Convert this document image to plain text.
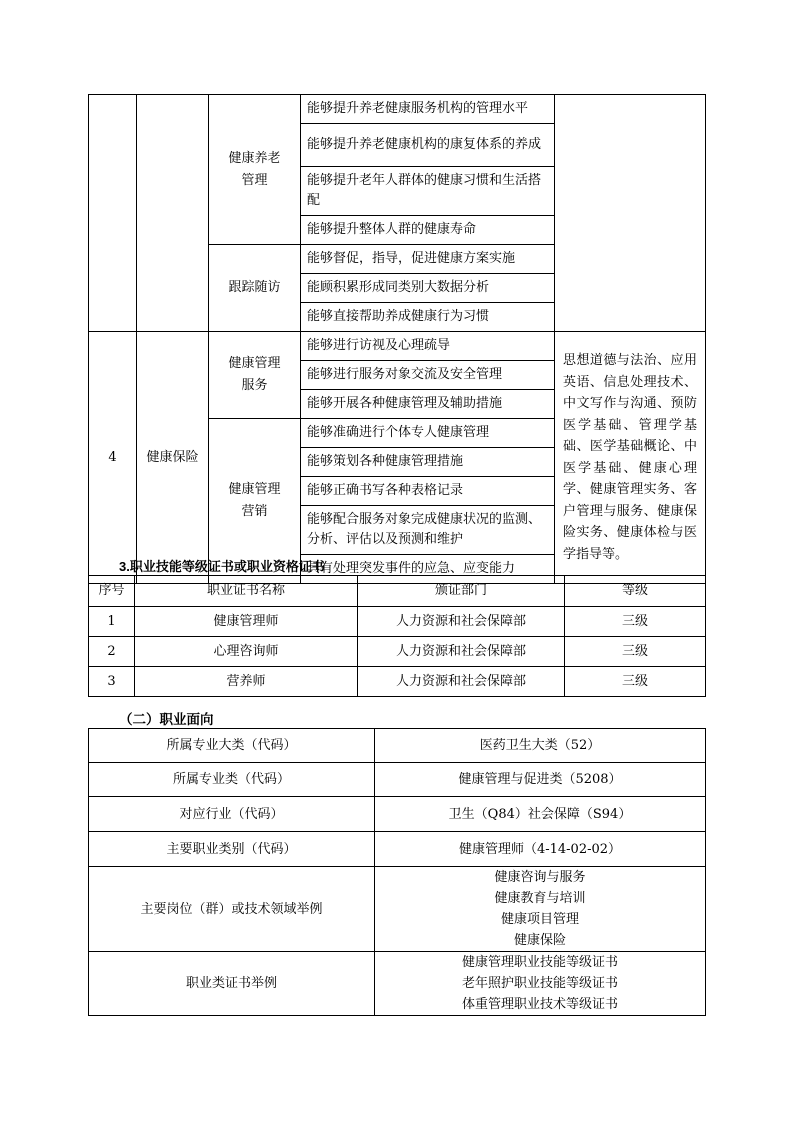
		健康养老管理	能够提升养老健康服务机构的管理水平	
			能够提升养老健康机构的康复体系的养成	
			能够提升老年人群体的健康习惯和生活搭配	
			能够提升整体人群的健康寿命	
		跟踪随访	能够督促，指导，促进健康方案实施	
			能顾积累形成同类别大数据分析	
			能够直接帮助养成健康行为习惯	
4	健康保险	健康管理服务	能够进行访视及心理疏导	思想道德与法治、应用英语、信息处理技术、中文写作与沟通、预防医学基础、管理学基础、医学基础概论、中医学基础、健康心理学、健康管理实务、客户管理与服务、健康保险实务、健康体检与医学指导等。
			能够进行服务对象交流及安全管理	
			能够开展各种健康管理及辅助措施	
		健康管理营销	能够准确进行个体专人健康管理	
			能够策划各种健康管理措施	
			能够正确书写各种表格记录	
			能够配合服务对象完成健康状况的监测、分析、评估以及预测和维护	
			具有处理突发事件的应急、应变能力	
3.职业技能等级证书或职业资格证书
序号	职业证书名称	颁证部门	等级
1	健康管理师	人力资源和社会保障部	三级
2	心理咨询师	人力资源和社会保障部	三级
3	营养师	人力资源和社会保障部	三级
（二）职业面向
所属专业大类（代码）	医药卫生大类（52）
所属专业类（代码）	健康管理与促进类（5208）
对应行业（代码）	卫生（Q84）社会保障（S94）
主要职业类别（代码）	健康管理师（4-14-02-02）
主要岗位（群）或技术领域举例	健康咨询与服务
健康教育与培训
健康项目管理
健康保险

职业类证书举例	健康管理职业技能等级证书
老年照护职业技能等级证书
体重管理职业技术等级证书
